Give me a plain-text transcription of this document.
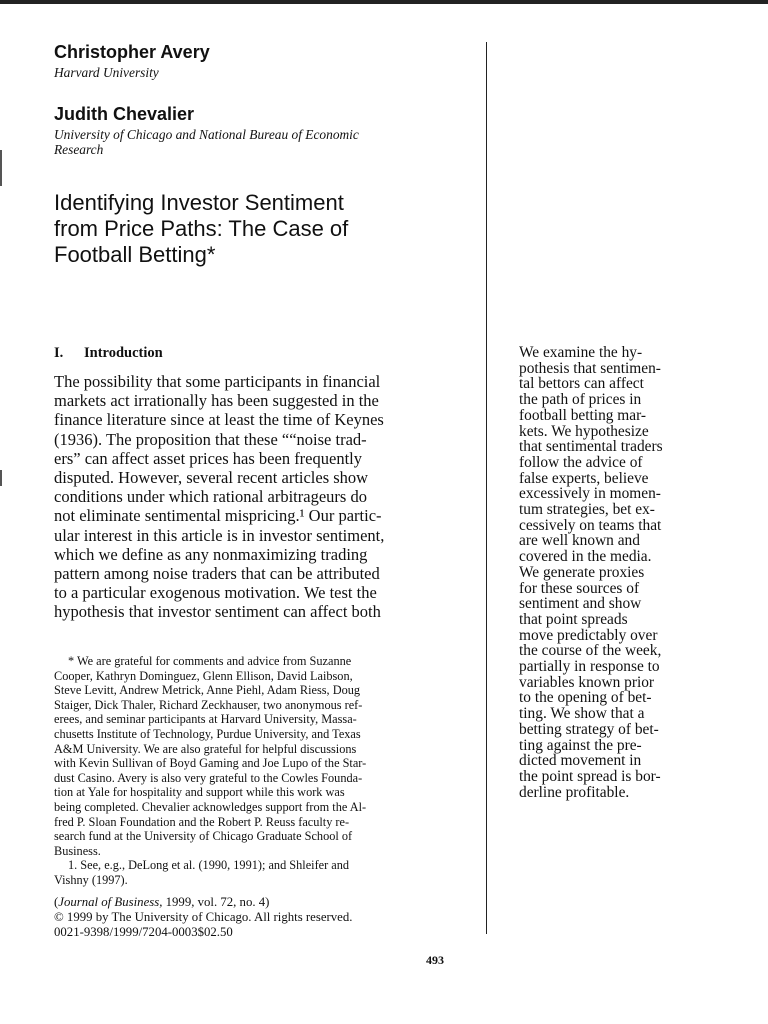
Christopher Avery
Harvard University
Judith Chevalier
University of Chicago and National Bureau of Economic
Research
Identifying Investor Sentiment
from Price Paths: The Case of
Football Betting*
I. Introduction
The possibility that some participants in financial
markets act irrationally has been suggested in the
finance literature since at least the time of Keynes
(1936). The proposition that these ““noise trad-
ers” can affect asset prices has been frequently
disputed. However, several recent articles show
conditions under which rational arbitrageurs do
not eliminate sentimental mispricing.¹ Our partic-
ular interest in this article is in investor sentiment,
which we define as any nonmaximizing trading
pattern among noise traders that can be attributed
to a particular exogenous motivation. We test the
hypothesis that investor sentiment can affect both
* We are grateful for comments and advice from Suzanne
Cooper, Kathryn Dominguez, Glenn Ellison, David Laibson,
Steve Levitt, Andrew Metrick, Anne Piehl, Adam Riess, Doug
Staiger, Dick Thaler, Richard Zeckhauser, two anonymous ref-
erees, and seminar participants at Harvard University, Massa-
chusetts Institute of Technology, Purdue University, and Texas
A&M University. We are also grateful for helpful discussions
with Kevin Sullivan of Boyd Gaming and Joe Lupo of the Star-
dust Casino. Avery is also very grateful to the Cowles Founda-
tion at Yale for hospitality and support while this work was
being completed. Chevalier acknowledges support from the Al-
fred P. Sloan Foundation and the Robert P. Reuss faculty re-
search fund at the University of Chicago Graduate School of
Business.
1. See, e.g., DeLong et al. (1990, 1991); and Shleifer and
Vishny (1997).
(Journal of Business, 1999, vol. 72, no. 4)
© 1999 by The University of Chicago. All rights reserved.
0021-9398/1999/7204-0003$02.50
493
We examine the hy-
pothesis that sentimen-
tal bettors can affect
the path of prices in
football betting mar-
kets. We hypothesize
that sentimental traders
follow the advice of
false experts, believe
excessively in momen-
tum strategies, bet ex-
cessively on teams that
are well known and
covered in the media.
We generate proxies
for these sources of
sentiment and show
that point spreads
move predictably over
the course of the week,
partially in response to
variables known prior
to the opening of bet-
ting. We show that a
betting strategy of bet-
ting against the pre-
dicted movement in
the point spread is bor-
derline profitable.
